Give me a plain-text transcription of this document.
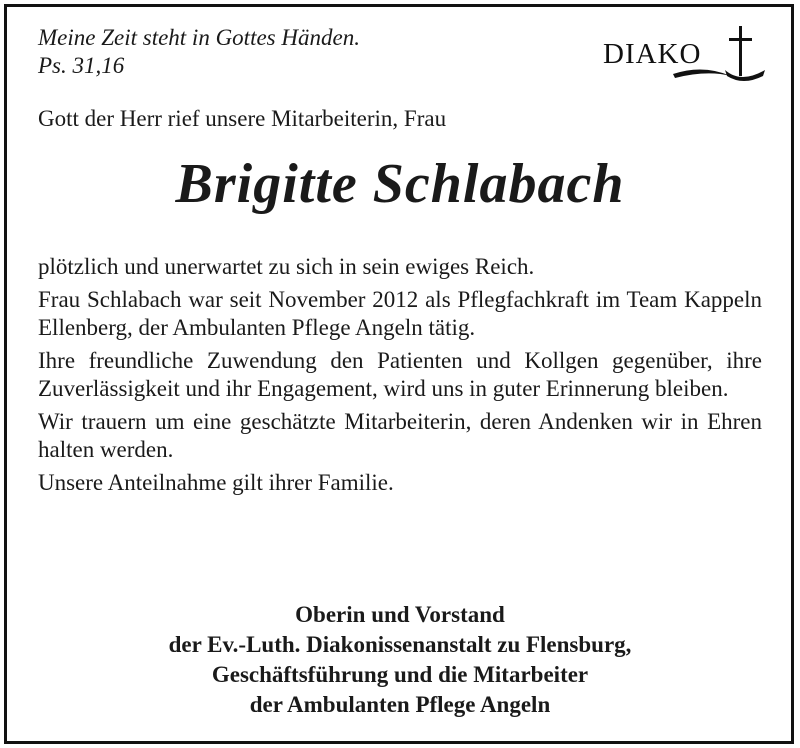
Meine Zeit steht in Gottes Händen.
Ps. 31,16	DIAKO
Gott der Herr rief unsere Mitarbeiterin, Frau
Brigitte Schlabach

plötzlich und unerwartet zu sich in sein ewiges Reich.

Frau Schlabach war seit November 2012 als Pflegfachkraft im Team Kappeln Ellenberg, der Ambulanten Pflege Angeln tätig.

Ihre freundliche Zuwendung den Patienten und Kollgen gegenüber, ihre Zuverlässigkeit und ihr Engagement, wird uns in guter Erinnerung bleiben.

Wir trauern um eine geschätzte Mitarbeiterin, deren Andenken wir in Ehren halten werden.

Unsere Anteilnahme gilt ihrer Familie.

Oberin und Vorstand
der Ev.-Luth. Diakonissenanstalt zu Flensburg,
Geschäftsführung und die Mitarbeiter
der Ambulanten Pflege Angeln
